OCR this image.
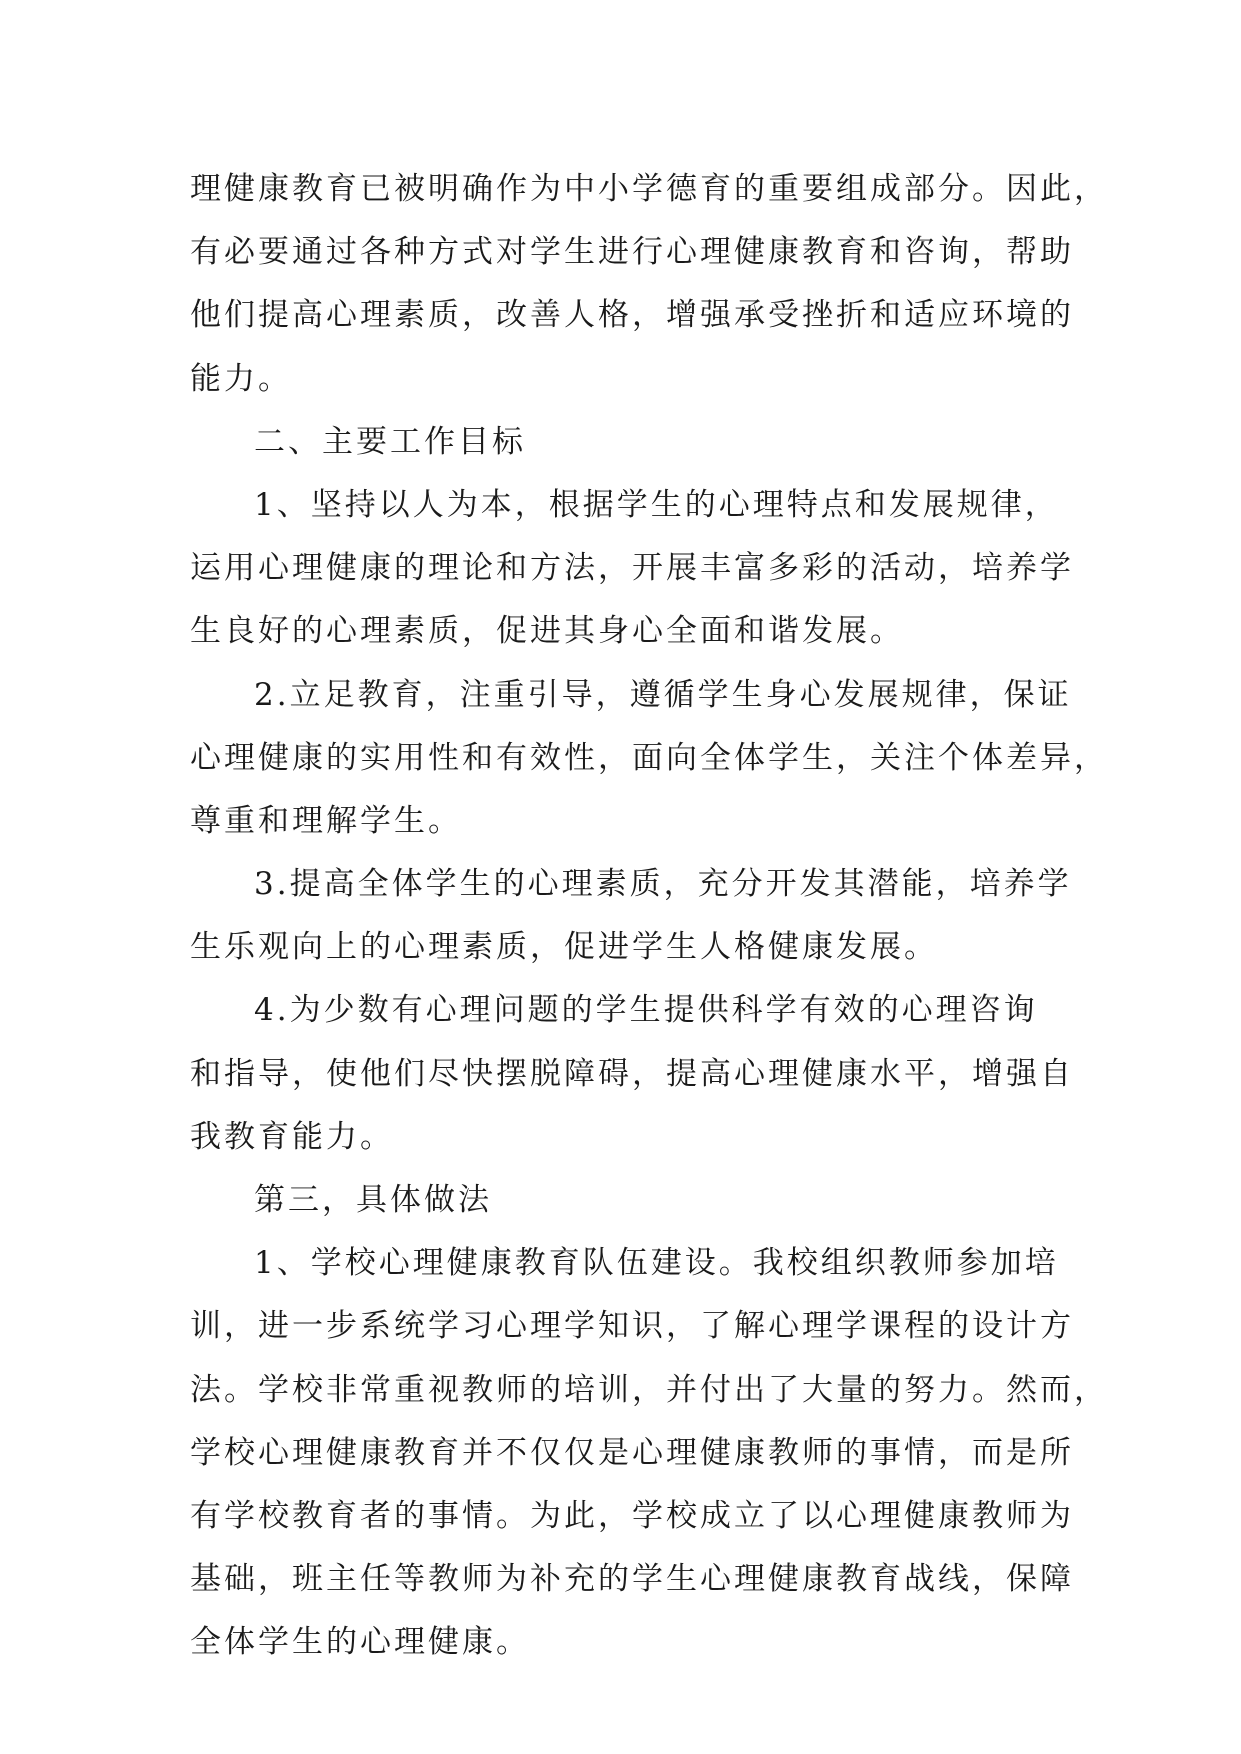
理健康教育已被明确作为中小学德育的重要组成部分。因此，
有必要通过各种方式对学生进行心理健康教育和咨询，帮助
他们提高心理素质，改善人格，增强承受挫折和适应环境的
能力。
二、主要工作目标
1、坚持以人为本，根据学生的心理特点和发展规律，
运用心理健康的理论和方法，开展丰富多彩的活动，培养学
生良好的心理素质，促进其身心全面和谐发展。
2.立足教育，注重引导，遵循学生身心发展规律，保证
心理健康的实用性和有效性，面向全体学生，关注个体差异，
尊重和理解学生。
3.提高全体学生的心理素质，充分开发其潜能，培养学
生乐观向上的心理素质，促进学生人格健康发展。
4.为少数有心理问题的学生提供科学有效的心理咨询
和指导，使他们尽快摆脱障碍，提高心理健康水平，增强自
我教育能力。
第三，具体做法
1、学校心理健康教育队伍建设。我校组织教师参加培
训，进一步系统学习心理学知识，了解心理学课程的设计方
法。学校非常重视教师的培训，并付出了大量的努力。然而，
学校心理健康教育并不仅仅是心理健康教师的事情，而是所
有学校教育者的事情。为此，学校成立了以心理健康教师为
基础，班主任等教师为补充的学生心理健康教育战线，保障
全体学生的心理健康。
